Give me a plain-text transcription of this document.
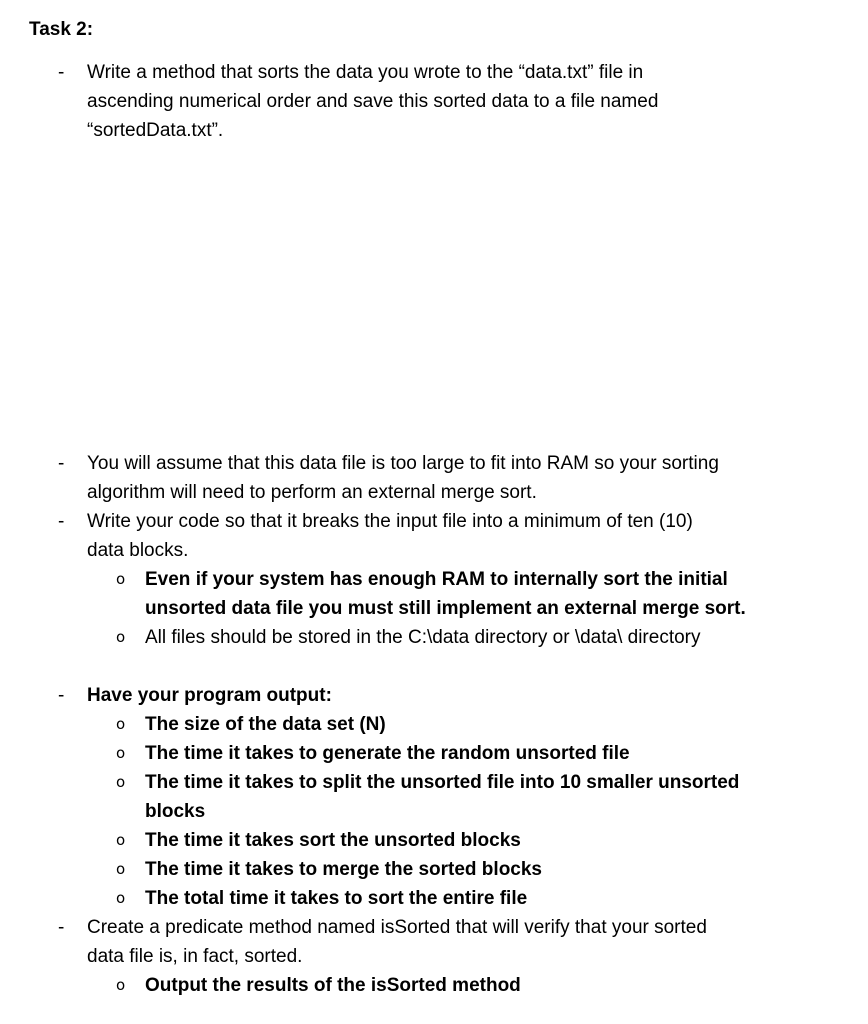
Task 2:
- Write a method that sorts the data you wrote to the “data.txt” file in
ascending numerical order and save this sorted data to a file named
“sortedData.txt”.
- You will assume that this data file is too large to fit into RAM so your sorting
algorithm will need to perform an external merge sort.
- Write your code so that it breaks the input file into a minimum of ten (10)
data blocks.
o Even if your system has enough RAM to internally sort the initial
unsorted data file you must still implement an external merge sort.
o All files should be stored in the C:\data directory or \data\ directory
- Have your program output:
o The size of the data set (N)
o The time it takes to generate the random unsorted file
o The time it takes to split the unsorted file into 10 smaller unsorted
blocks
o The time it takes sort the unsorted blocks
o The time it takes to merge the sorted blocks
o The total time it takes to sort the entire file
- Create a predicate method named isSorted that will verify that your sorted
data file is, in fact, sorted.
o Output the results of the isSorted method
